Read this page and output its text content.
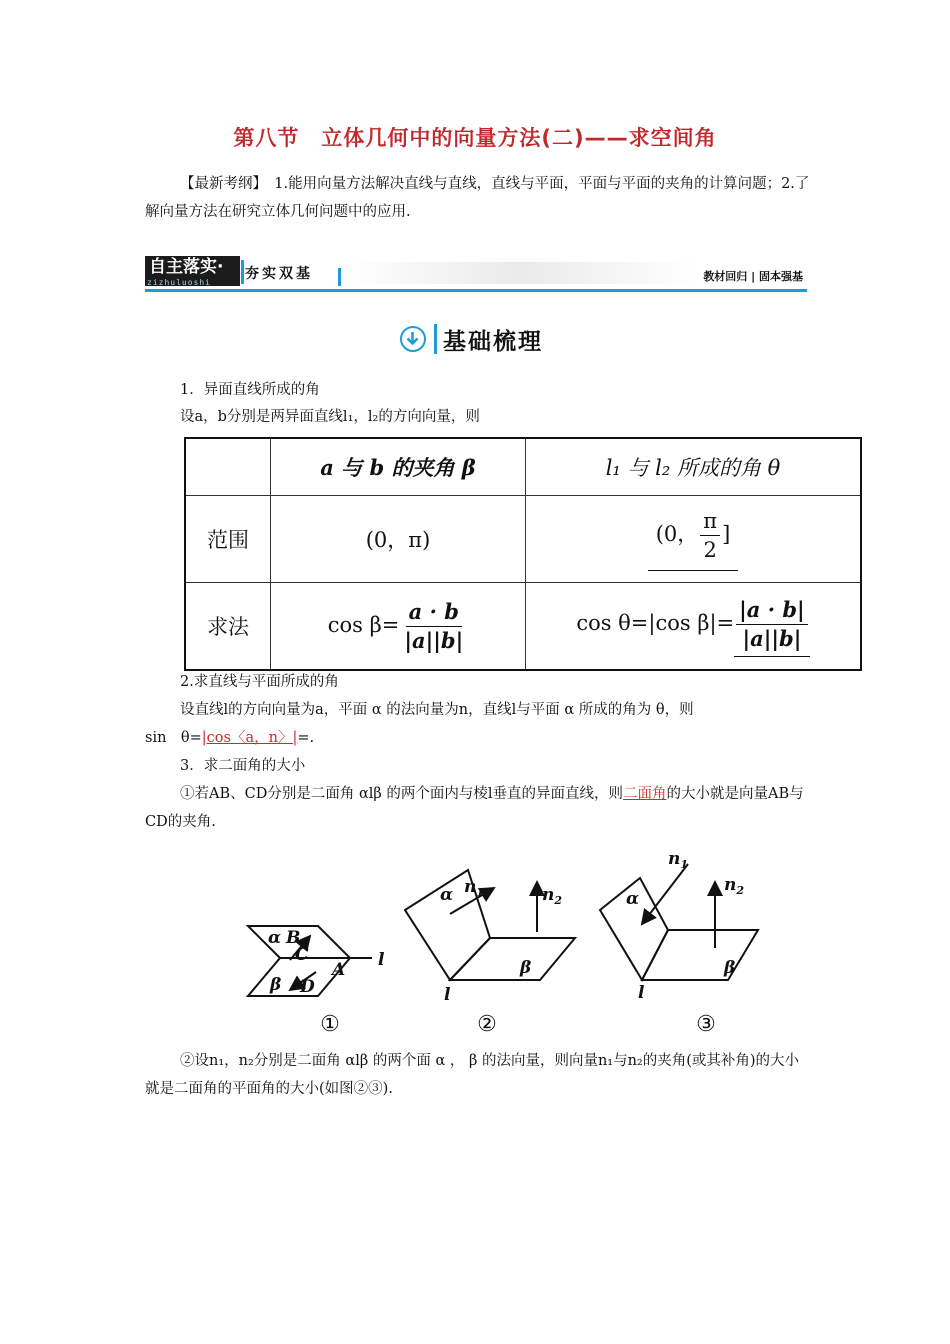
第八节　立体几何中的向量方法(二)——求空间角
【最新考纲】　1.能用向量方法解决直线与直线，直线与平面，平面与平面的夹角的计算问题；2.了解向量方法在研究立体几何问题中的应用.
自主落实·
zizhuluoshi
夯实双基	教材回归 | 固本强基
基础梳理
1．异面直线所成的角
设a，b分别是两异面直线l₁，l₂的方向向量，则
	a 与 b 的夹角 β	l₁ 与 l₂ 所成的角 θ
范围	(0，π)	(0， $\frac{\pi}{2}$ ]
求法	$\cos \beta= \frac{a \cdot b}{|a||b|}$	cos θ=|cos $\beta|= \frac{|a \cdot b|}{|a||b|}$
2.求直线与平面所成的角
设直线l的方向向量为a，平面 α 的法向量为n，直线l与平面 α 所成的角为 θ，则
sin　θ=|cos〈a，n〉|=.
3．求二面角的大小
①若AB、CD分别是二面角 αlβ 的两个面内与棱l垂直的异面直线，则二面角的大小就是向量AB与CD的夹角.
α B
C
A
β D
l
①
α $n_1$	$n_2$
β
l
②
α
$n_1$
$n_2$
β
l
③
②设n₁，n₂分别是二面角 αlβ 的两个面 α ， β 的法向量，则向量n₁与n₂的夹角(或其补角)的大小就是二面角的平面角的大小(如图②③).
